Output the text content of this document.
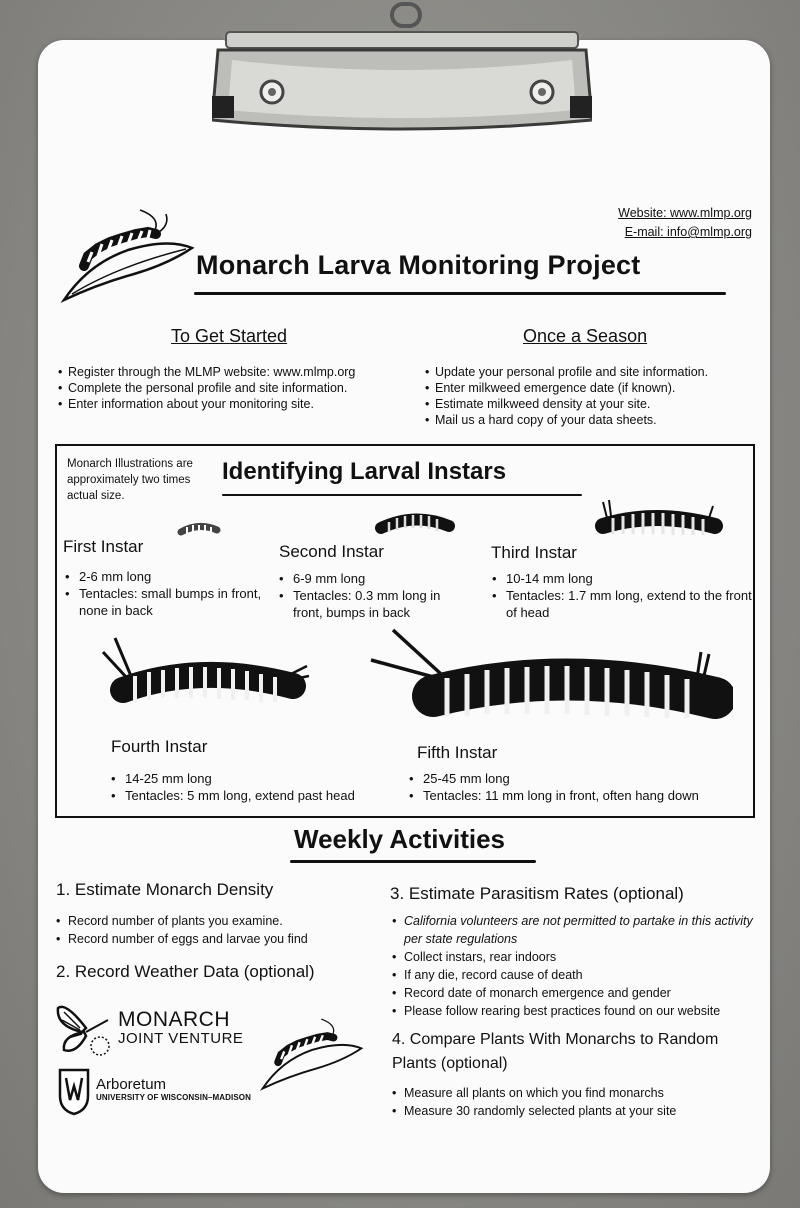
Website: www.mlmp.org
E-mail: info@mlmp.org
Monarch Larva Monitoring Project
To Get Started
• Register through the MLMP website: www.mlmp.org
• Complete the personal profile and site information.
• Enter information about your monitoring site.
Once a Season
• Update your personal profile and site information.
• Enter milkweed emergence date (if known).
• Estimate milkweed density at your site.
• Mail us a hard copy of your data sheets.
Monarch Illustrations are approximately two times actual size.
Identifying Larval Instars
First Instar
• 2-6 mm long
• Tentacles: small bumps in front, none in back
Second Instar
• 6-9 mm long
• Tentacles: 0.3 mm long in front, bumps in back
Third Instar
• 10-14 mm long
• Tentacles: 1.7 mm long, extend to the front of head
Fourth Instar
• 14-25 mm long
• Tentacles: 5 mm long, extend past head
Fifth Instar
• 25-45 mm long
• Tentacles: 11 mm long in front, often hang down
Weekly Activities
1. Estimate Monarch Density
• Record number of plants you examine.
• Record number of eggs and larvae you find
2. Record Weather Data (optional)
3. Estimate Parasitism Rates (optional)
• California volunteers are not permitted to partake in this activity per state regulations
• Collect instars, rear indoors
• If any die, record cause of death
• Record date of monarch emergence and gender
• Please follow rearing best practices found on our website
4. Compare Plants With Monarchs to Random Plants (optional)
• Measure all plants on which you find monarchs
• Measure 30 randomly selected plants at your site
MONARCH
JOINT VENTURE
Arboretum
UNIVERSITY OF WISCONSIN–MADISON
